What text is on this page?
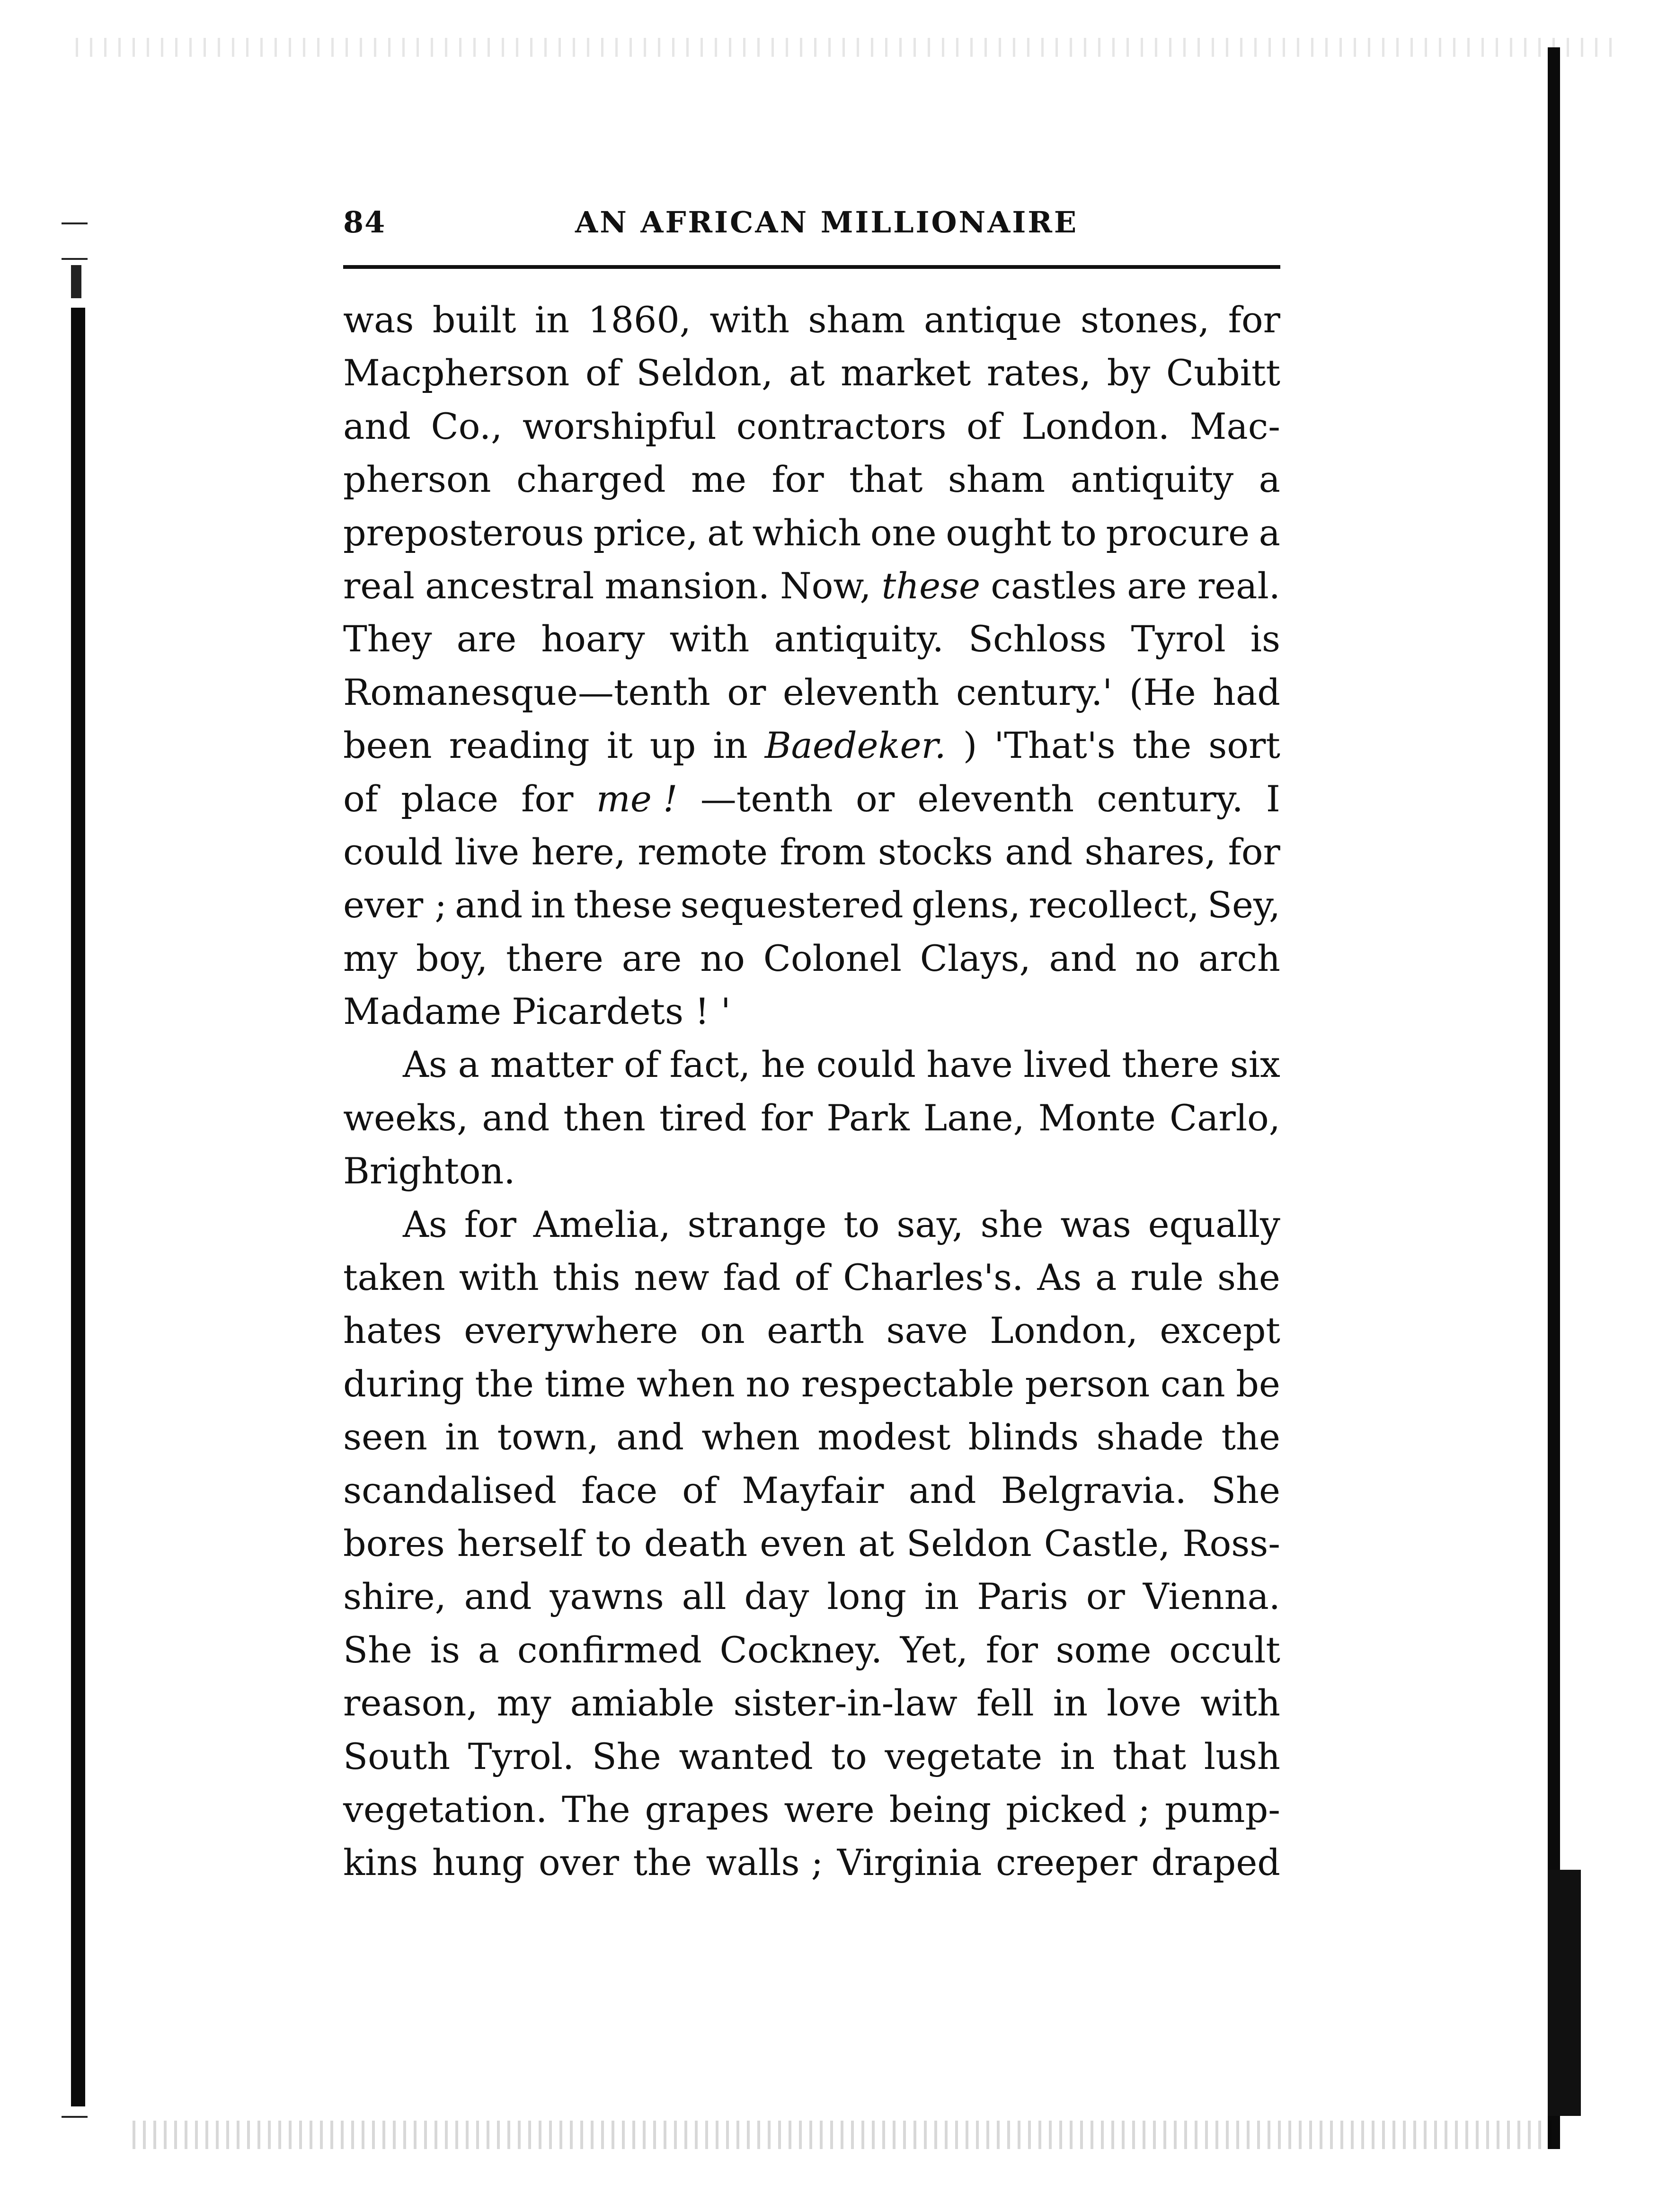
84	AN AFRICAN MILLIONAIRE
was built in 1860, with sham antique stones, for
Macpherson of Seldon, at market rates, by Cubitt
and Co., worshipful contractors of London. Mac-
pherson charged me for that sham antiquity a
preposterous price, at which one ought to procure a
real ancestral mansion. Now, these castles are real.
They are hoary with antiquity. Schloss Tyrol is
Romanesque—tenth or eleventh century.' (He had
been reading it up in Baedeker. ) 'That's the sort
of place for me ! —tenth or eleventh century. I
could live here, remote from stocks and shares, for
ever ; and in these sequestered glens, recollect, Sey,
my boy, there are no Colonel Clays, and no arch
Madame Picardets ! '
As a matter of fact, he could have lived there six
weeks, and then tired for Park Lane, Monte Carlo,
Brighton.
As for Amelia, strange to say, she was equally
taken with this new fad of Charles's. As a rule she
hates everywhere on earth save London, except
during the time when no respectable person can be
seen in town, and when modest blinds shade the
scandalised face of Mayfair and Belgravia. She
bores herself to death even at Seldon Castle, Ross-
shire, and yawns all day long in Paris or Vienna.
She is a confirmed Cockney. Yet, for some occult
reason, my amiable sister-in-law fell in love with
South Tyrol. She wanted to vegetate in that lush
vegetation. The grapes were being picked ; pump-
kins hung over the walls ; Virginia creeper draped
